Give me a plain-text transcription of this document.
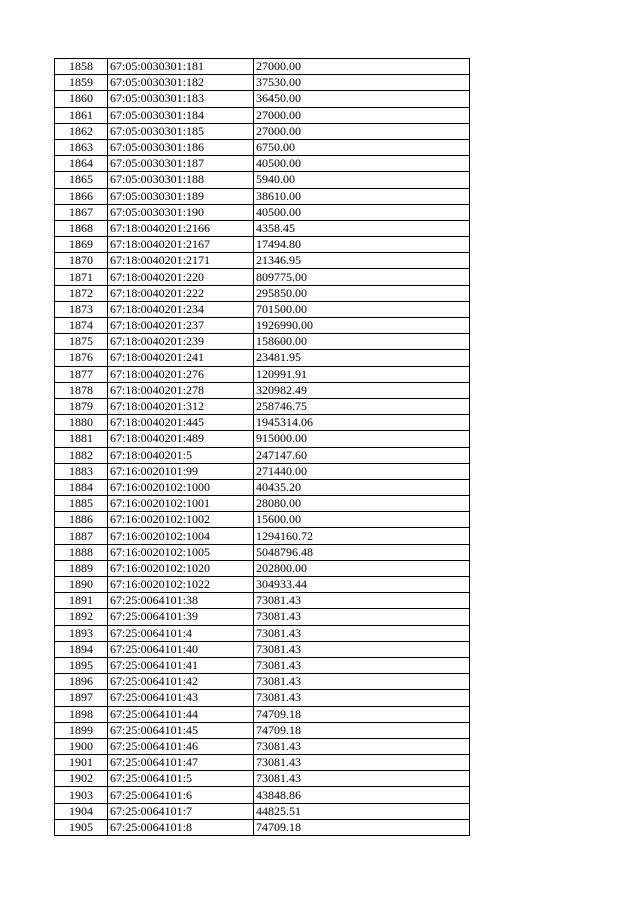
1858	67:05:0030301:181	27000.00
1859	67:05:0030301:182	37530.00
1860	67:05:0030301:183	36450.00
1861	67:05:0030301:184	27000.00
1862	67:05:0030301:185	27000.00
1863	67:05:0030301:186	6750.00
1864	67:05:0030301:187	40500.00
1865	67:05:0030301:188	5940.00
1866	67:05:0030301:189	38610.00
1867	67:05:0030301:190	40500.00
1868	67:18:0040201:2166	4358.45
1869	67:18:0040201:2167	17494.80
1870	67:18:0040201:2171	21346.95
1871	67:18:0040201:220	809775.00
1872	67:18:0040201:222	295850.00
1873	67:18:0040201:234	701500.00
1874	67:18:0040201:237	1926990.00
1875	67:18:0040201:239	158600.00
1876	67:18:0040201:241	23481.95
1877	67:18:0040201:276	120991.91
1878	67:18:0040201:278	320982.49
1879	67:18:0040201:312	258746.75
1880	67:18:0040201:445	1945314.06
1881	67:18:0040201:489	915000.00
1882	67:18:0040201:5	247147.60
1883	67:16:0020101:99	271440.00
1884	67:16:0020102:1000	40435.20
1885	67:16:0020102:1001	28080.00
1886	67:16:0020102:1002	15600.00
1887	67:16:0020102:1004	1294160.72
1888	67:16:0020102:1005	5048796.48
1889	67:16:0020102:1020	202800.00
1890	67:16:0020102:1022	304933.44
1891	67:25:0064101:38	73081.43
1892	67:25:0064101:39	73081.43
1893	67:25:0064101:4	73081.43
1894	67:25:0064101:40	73081.43
1895	67:25:0064101:41	73081.43
1896	67:25:0064101:42	73081.43
1897	67:25:0064101:43	73081.43
1898	67:25:0064101:44	74709.18
1899	67:25:0064101:45	74709.18
1900	67:25:0064101:46	73081.43
1901	67:25:0064101:47	73081.43
1902	67:25:0064101:5	73081.43
1903	67:25:0064101:6	43848.86
1904	67:25:0064101:7	44825.51
1905	67:25:0064101:8	74709.18
